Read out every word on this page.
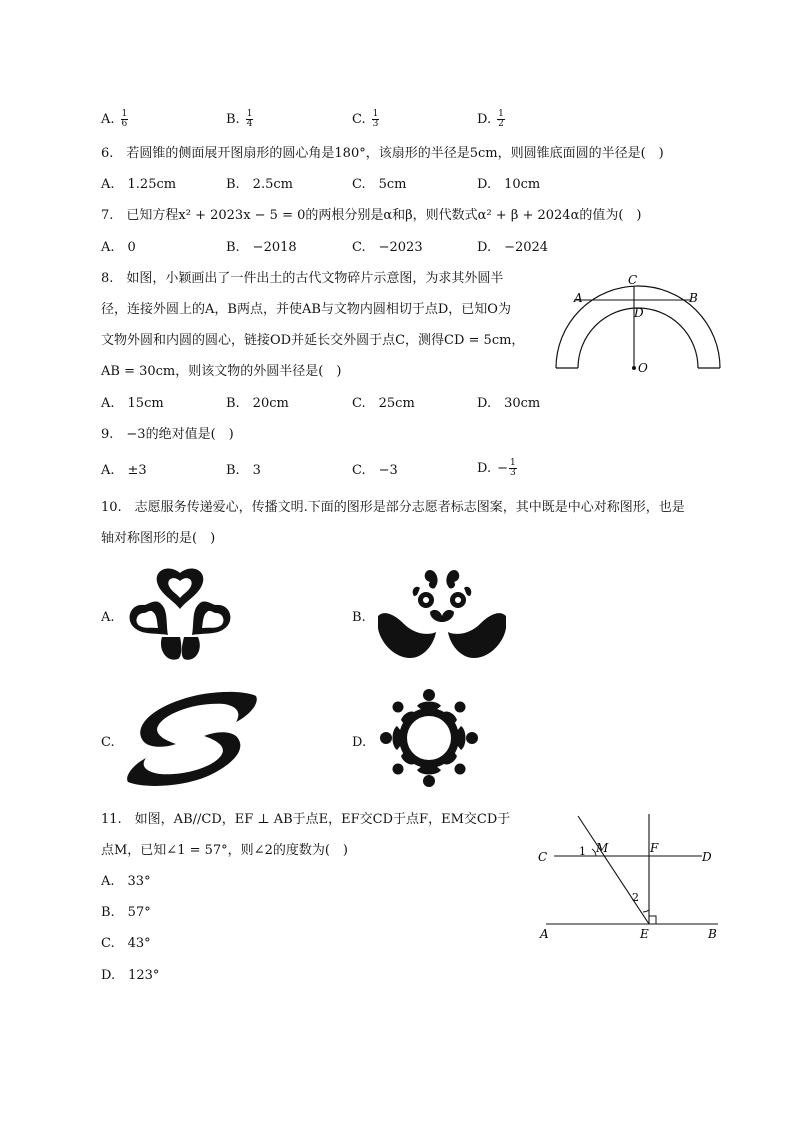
A. $\frac{1}{6}$	B. $\frac{1}{4}$	C. $\frac{1}{3}$	D. $\frac{1}{2}$
6.　若圆锥的侧面展开图扇形的圆心角是180°，该扇形的半径是5cm，则圆锥底面圆的半径是(　)
A.　1.25cm	B.　2.5cm	C.　5cm	D.　10cm
7.　已知方程x² + 2023x − 5 = 0的两根分别是α和β，则代数式α² + β + 2024α的值为(　)
A.　0	B.　−2018	C.　−2023	D.　−2024
8.　如图，小颖画出了一件出土的古代文物碎片示意图，为求其外圆半
径，连接外圆上的A，B两点，并使AB与文物内圆相切于点D，已知O为
文物外圆和内圆的圆心，链接OD并延长交外圆于点C，测得CD = 5cm，
AB = 30cm，则该文物的外圆半径是(　)
C
A	B
D
O
A.　15cm	B.　20cm	C.　25cm	D.　30cm
9.　−3的绝对值是(　)
A.　±3	B.　3	C.　−3	D. − $\frac{1}{3}$
10.　志愿服务传递爱心，传播文明.下面的图形是部分志愿者标志图案，其中既是中心对称图形，也是
轴对称图形的是(　)
A.	B.
C.	D.
11.　如图，AB//CD，EF ⊥ AB于点E，EF交CD于点F，EM交CD于
点M，已知∠1 = 57°，则∠2的度数为(　)
A.　33°
B.　57°
C.　43°
D.　123°
C
M	F
D
1
2
A	E	B
